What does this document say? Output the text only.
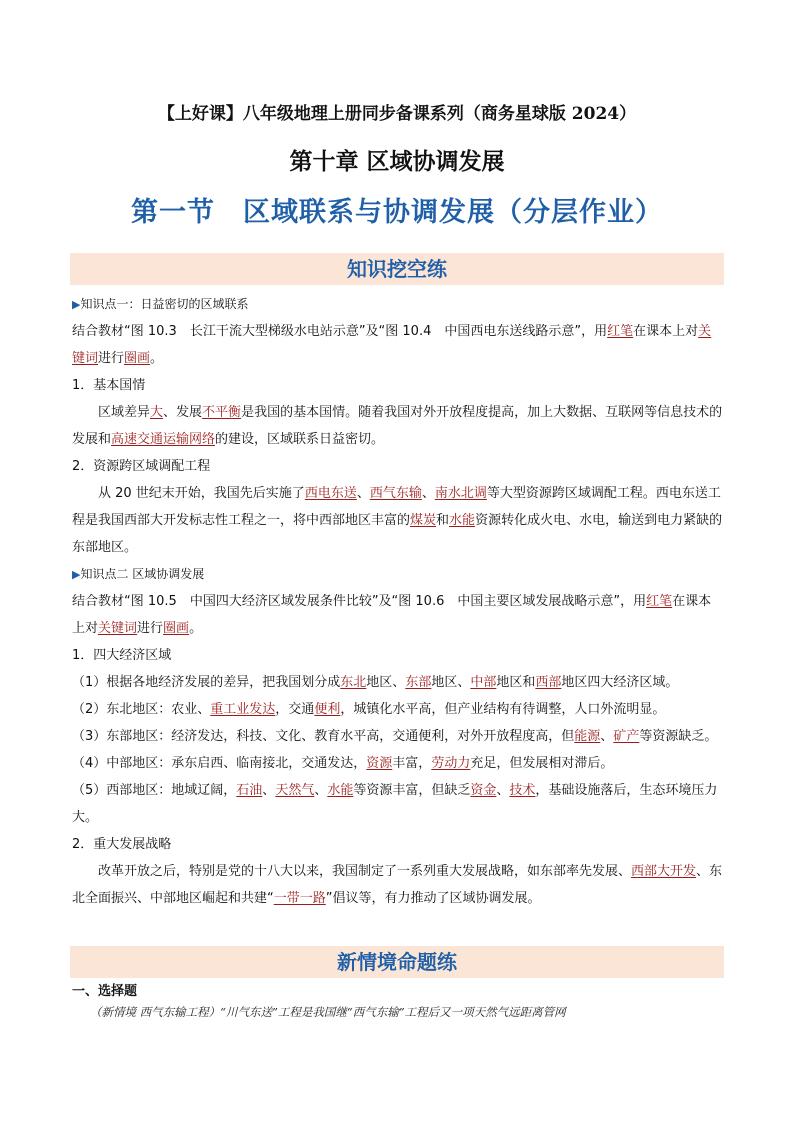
【上好课】八年级地理上册同步备课系列（商务星球版 2024）
第十章 区域协调发展
第一节　区域联系与协调发展（分层作业）
知识挖空练
▶知识点一：日益密切的区域联系
结合教材“图 10.3　长江干流大型梯级水电站示意”及“图 10.4　中国西电东送线路示意”，用红笔在课本上对关键词进行圈画。
1．基本国情
区域差异大、发展不平衡是我国的基本国情。随着我国对外开放程度提高，加上大数据、互联网等信息技术的发展和高速交通运输网络的建设，区域联系日益密切。
2．资源跨区域调配工程
从 20 世纪末开始，我国先后实施了西电东送、西气东输、南水北调等大型资源跨区域调配工程。西电东送工程是我国西部大开发标志性工程之一，将中西部地区丰富的煤炭和水能资源转化成火电、水电，输送到电力紧缺的东部地区。
▶知识点二 区域协调发展
结合教材“图 10.5　中国四大经济区域发展条件比较”及“图 10.6　中国主要区域发展战略示意”，用红笔在课本上对关键词进行圈画。
1．四大经济区域
（1）根据各地经济发展的差异，把我国划分成东北地区、东部地区、中部地区和西部地区四大经济区域。
（2）东北地区：农业、重工业发达，交通便利，城镇化水平高，但产业结构有待调整，人口外流明显。
（3）东部地区：经济发达，科技、文化、教育水平高，交通便利，对外开放程度高，但能源、矿产等资源缺乏。
（4）中部地区：承东启西、临南接北，交通发达，资源丰富，劳动力充足，但发展相对滞后。
（5）西部地区：地域辽阔，石油、天然气、水能等资源丰富，但缺乏资金、技术，基础设施落后，生态环境压力大。
2．重大发展战略
改革开放之后，特别是党的十八大以来，我国制定了一系列重大发展战略，如东部率先发展、西部大开发、东北全面振兴、中部地区崛起和共建“一带一路”倡议等，有力推动了区域协调发展。
新情境命题练
一、选择题
（新情境 西气东输工程）“川气东送”工程是我国继“西气东输”工程后又一项天然气远距离管网
